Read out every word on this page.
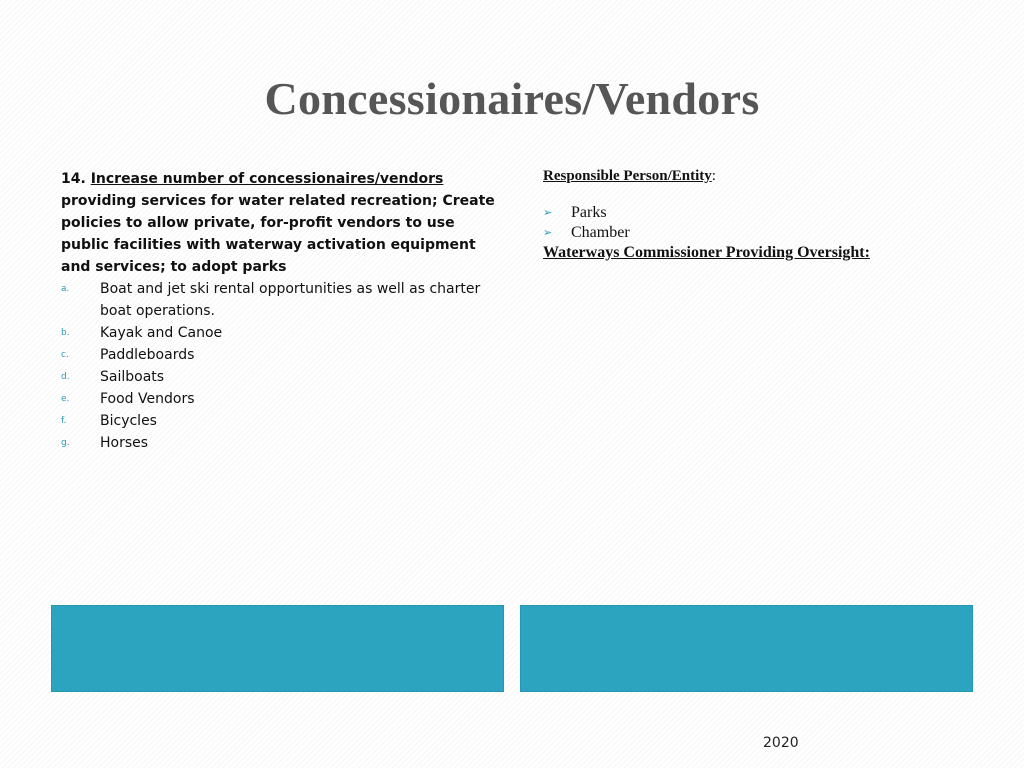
Concessionaires/Vendors

14. Increase number of concessionaires/vendors providing services for water related recreation; Create policies to allow private, for-profit vendors to use public facilities with waterway activation equipment and services; to adopt parks

a. Boat and jet ski rental opportunities as well as charter boat operations.
b. Kayak and Canoe
c. Paddleboards
d. Sailboats
e. Food Vendors
f. Bicycles
g. Horses

Responsible Person/Entity:

➢ Parks
➢ Chamber

Waterways Commissioner Providing Oversight:

2020
